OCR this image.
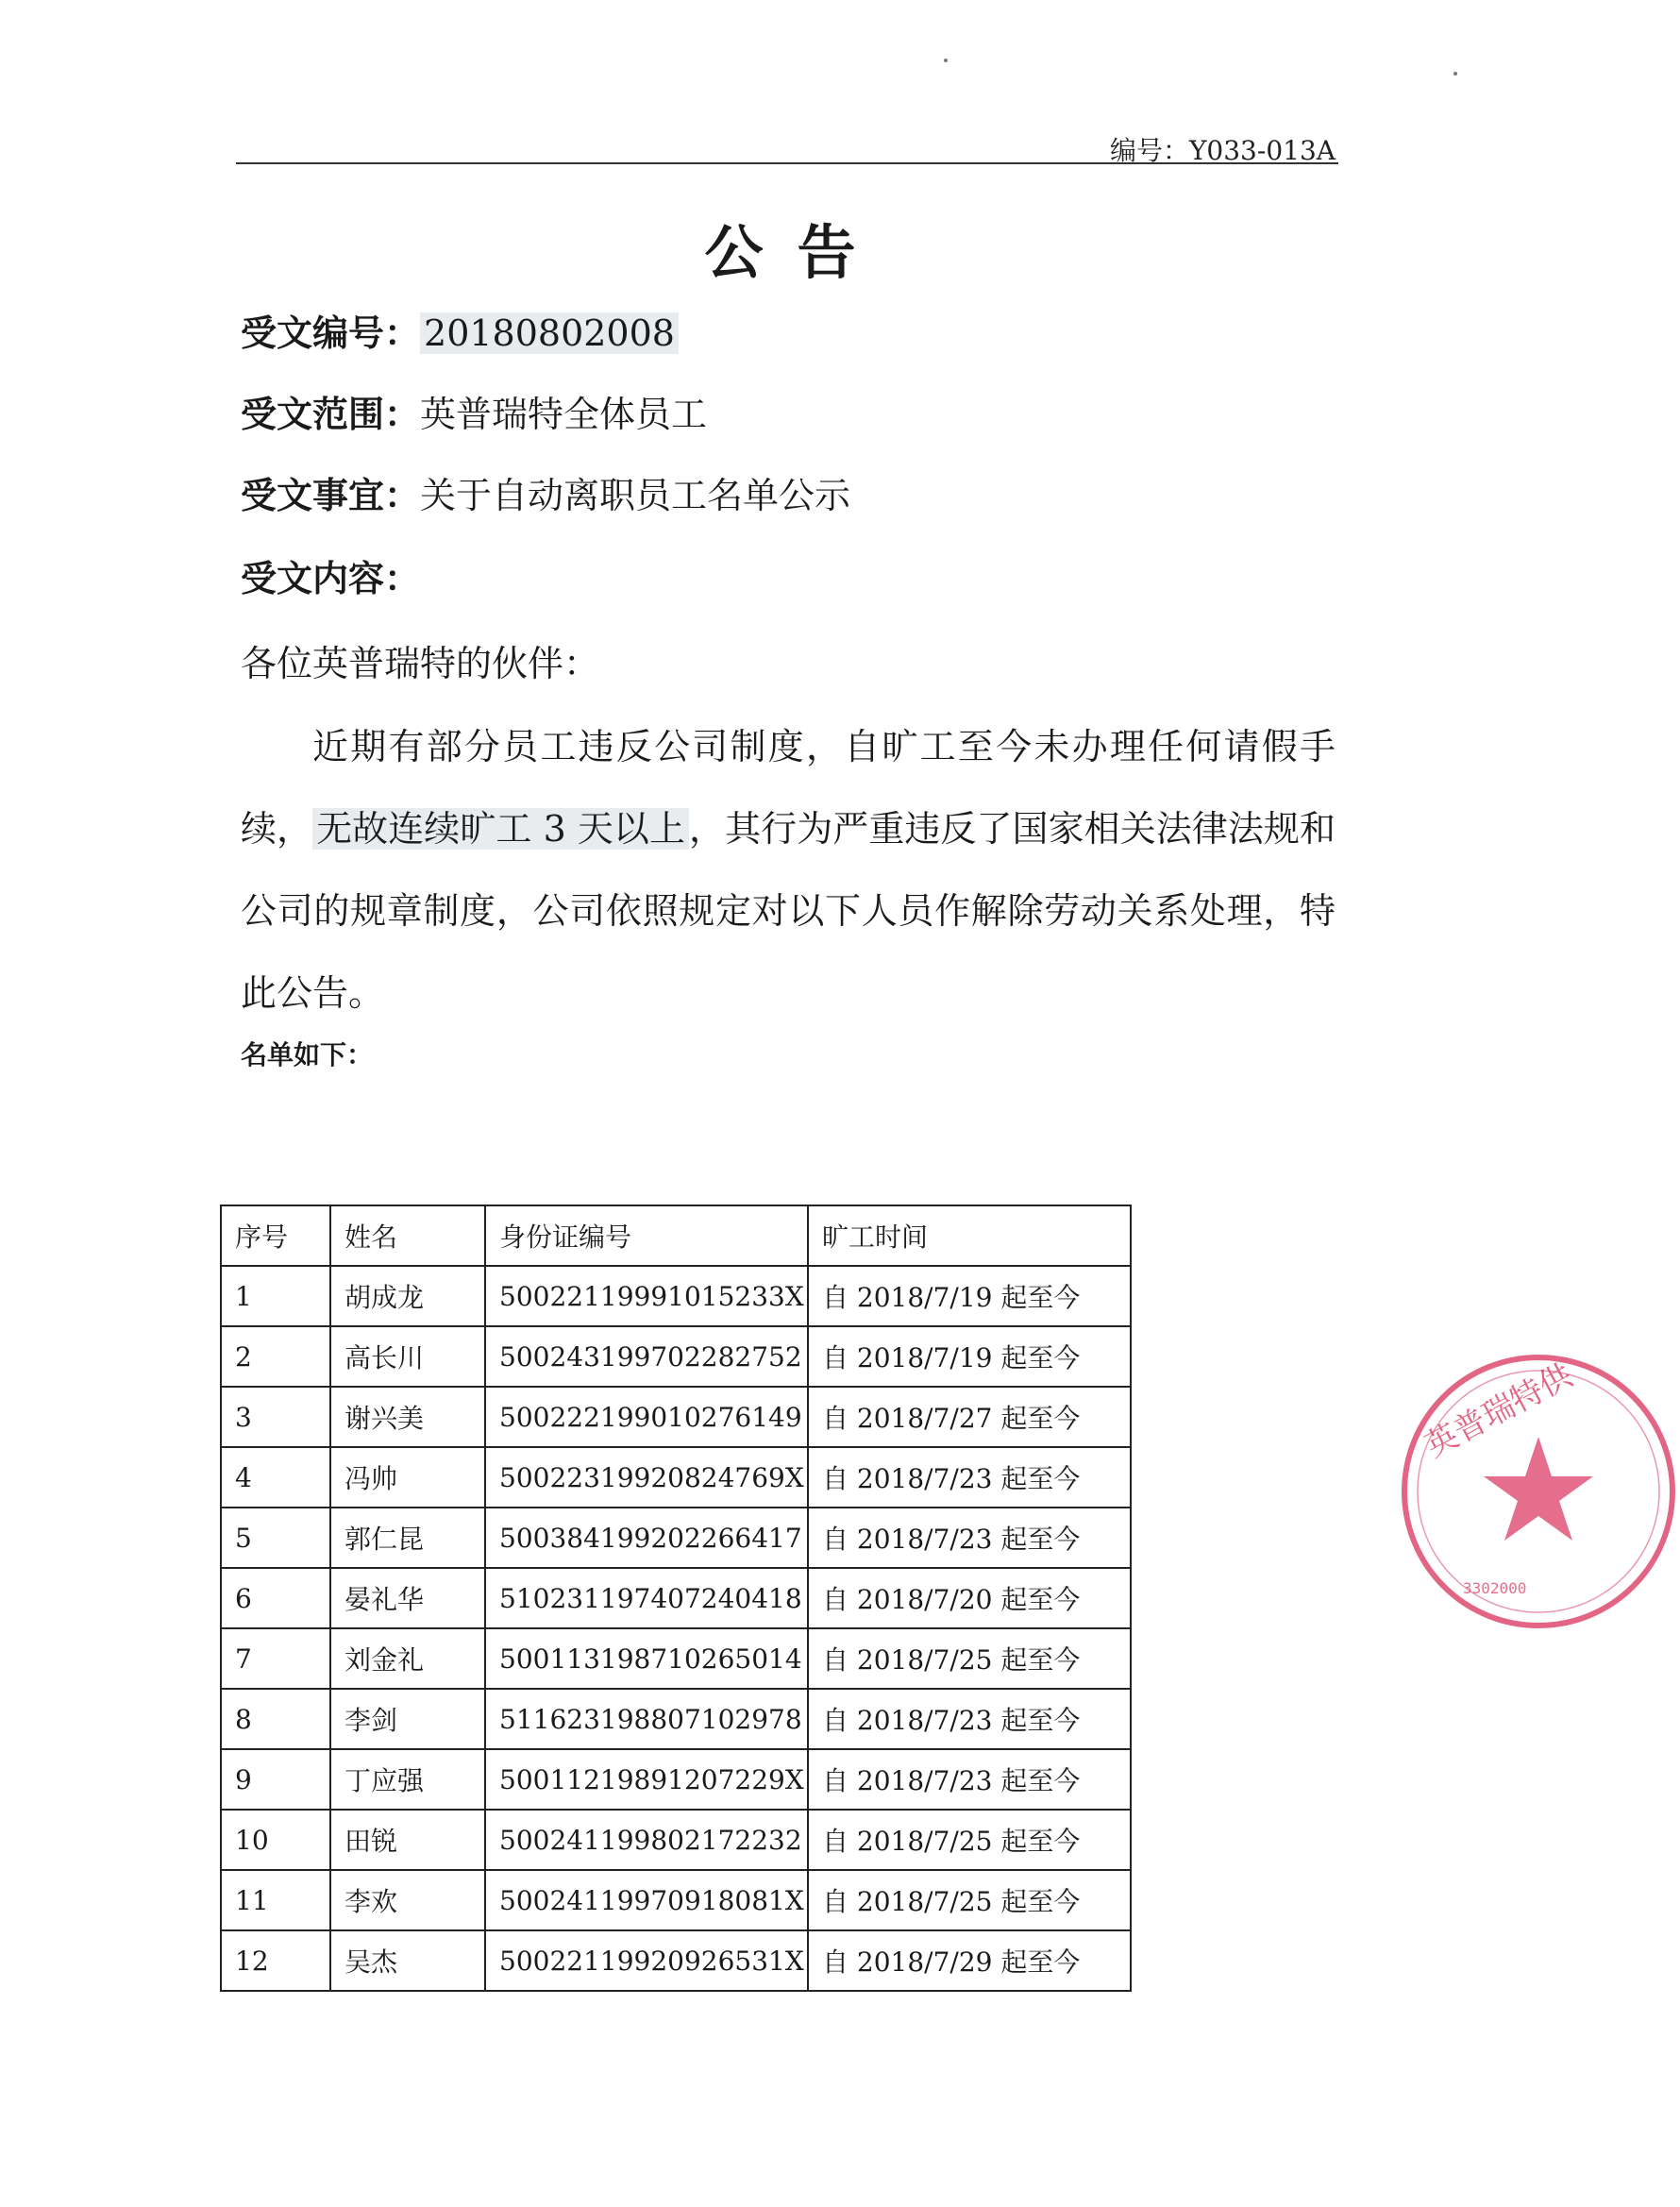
编号：Y033-013A
公告
受文编号： 20180802008
受文范围：英普瑞特全体员工
受文事宜：关于自动离职员工名单公示
受文内容：
各位英普瑞特的伙伴：
近期有部分员工违反公司制度，自旷工至今未办理任何请假手续， 无故连续旷工 3 天以上 ，其行为严重违反了国家相关法律法规和公司的规章制度，公司依照规定对以下人员作解除劳动关系处理，特此公告。
名单如下：
序号	姓名	身份证编号	旷工时间
1	胡成龙	50022119991015233X	自 2018/7/19 起至今
2	高长川	500243199702282752	自 2018/7/19 起至今
3	谢兴美	500222199010276149	自 2018/7/27 起至今
4	冯帅	50022319920824769X	自 2018/7/23 起至今
5	郭仁昆	500384199202266417	自 2018/7/23 起至今
6	晏礼华	510231197407240418	自 2018/7/20 起至今
7	刘金礼	500113198710265014	自 2018/7/25 起至今
8	李剑	511623198807102978	自 2018/7/23 起至今
9	丁应强	50011219891207229X	自 2018/7/23 起至今
10	田锐	500241199802172232	自 2018/7/25 起至今
11	李欢	50024119970918081X	自 2018/7/25 起至今
12	吴杰	50022119920926531X	自 2018/7/29 起至今
英普瑞特供
3302000
